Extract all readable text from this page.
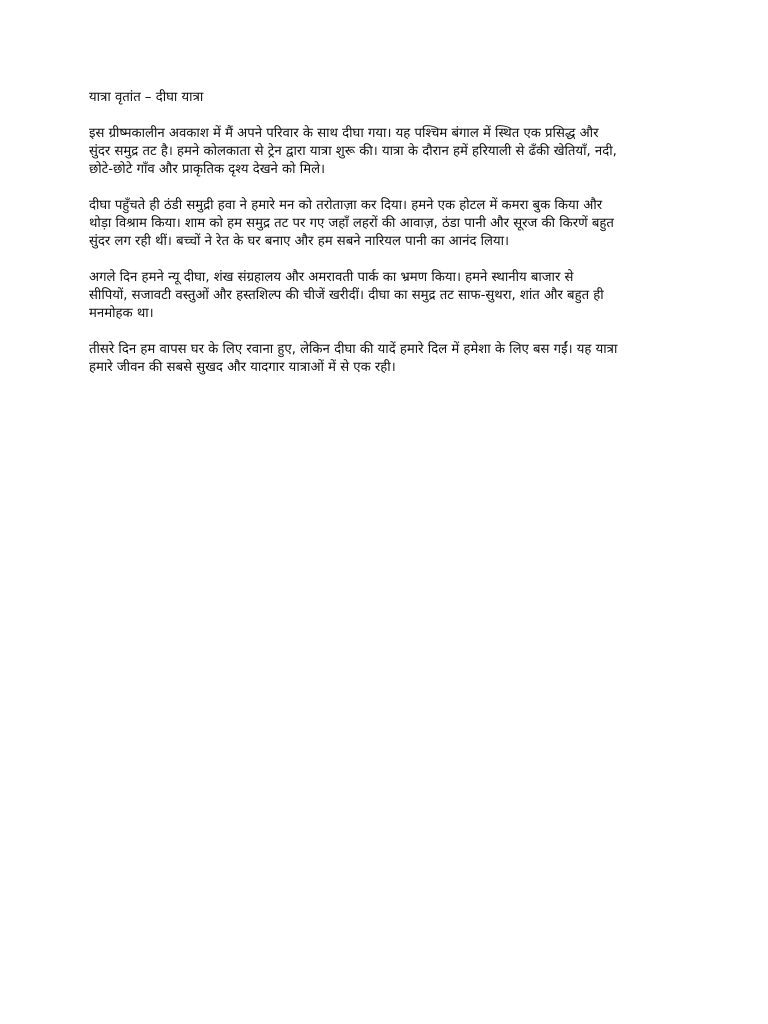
यात्रा वृतांत – दीघा यात्रा
इस ग्रीष्मकालीन अवकाश में मैं अपने परिवार के साथ दीघा गया। यह पश्चिम बंगाल में स्थित एक प्रसिद्ध और
सुंदर समुद्र तट है। हमने कोलकाता से ट्रेन द्वारा यात्रा शुरू की। यात्रा के दौरान हमें हरियाली से ढँकी खेतियाँ, नदी,
छोटे-छोटे गाँव और प्राकृतिक दृश्य देखने को मिले।
दीघा पहुँचते ही ठंडी समुद्री हवा ने हमारे मन को तरोताज़ा कर दिया। हमने एक होटल में कमरा बुक किया और
थोड़ा विश्राम किया। शाम को हम समुद्र तट पर गए जहाँ लहरों की आवाज़, ठंडा पानी और सूरज की किरणें बहुत
सुंदर लग रही थीं। बच्चों ने रेत के घर बनाए और हम सबने नारियल पानी का आनंद लिया।
अगले दिन हमने न्यू दीघा, शंख संग्रहालय और अमरावती पार्क का भ्रमण किया। हमने स्थानीय बाजार से
सीपियों, सजावटी वस्तुओं और हस्तशिल्प की चीजें खरीदीं। दीघा का समुद्र तट साफ-सुथरा, शांत और बहुत ही
मनमोहक था।
तीसरे दिन हम वापस घर के लिए रवाना हुए, लेकिन दीघा की यादें हमारे दिल में हमेशा के लिए बस गईं। यह यात्रा
हमारे जीवन की सबसे सुखद और यादगार यात्राओं में से एक रही।
